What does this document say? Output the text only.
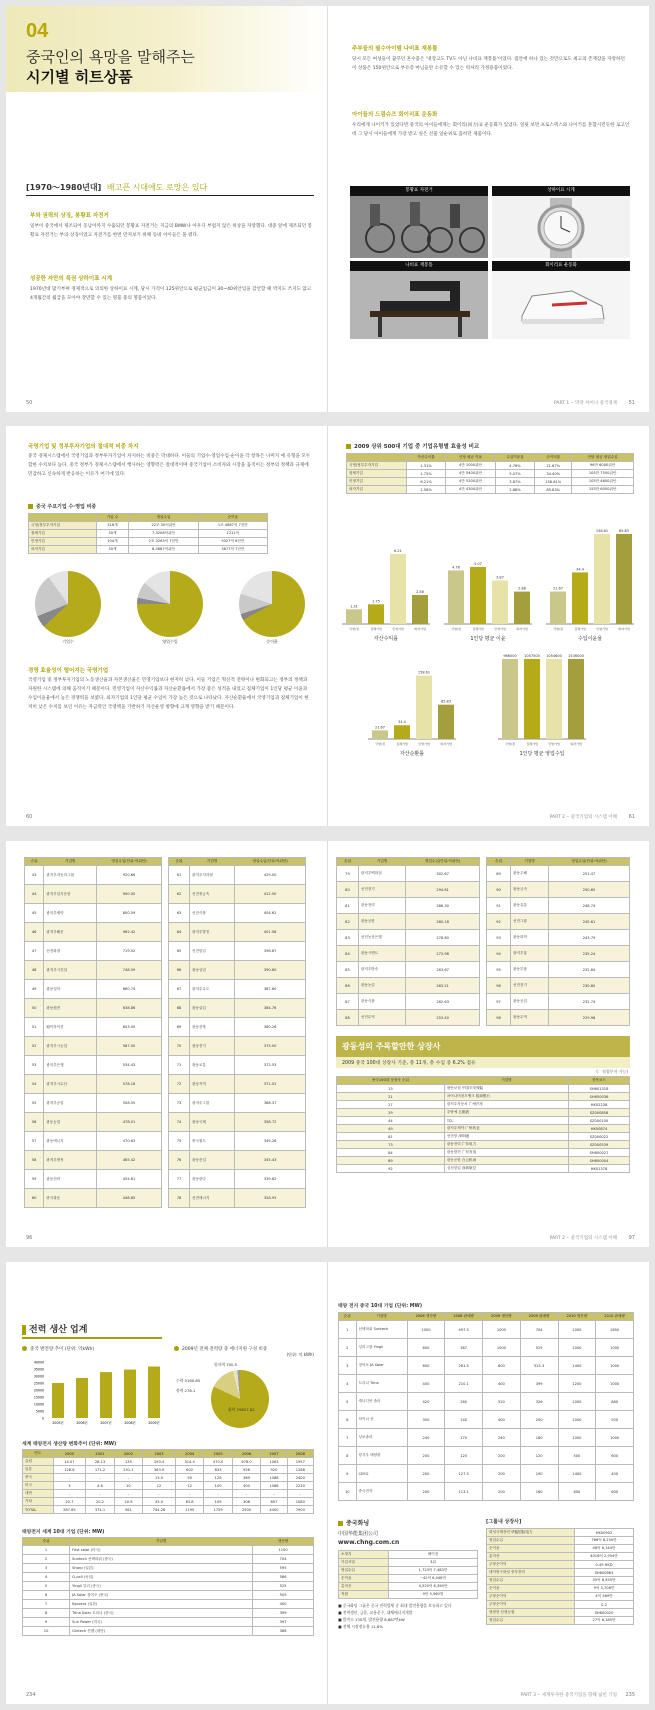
04
중국인의 욕망을 말해주는
시기별 히트상품
[1970～1980년대] 배고픈 시대에도 로망은 있다
부와 권력의 상징, 봉황표 자전거
일부이 중국에서 제조되어 동남아까지 수출되던 봉황표 자전거는 지금의 BMW나 아우디 부럽지 않은 위상을 자랑했다. 대중 앞에 제조되던 봉황표 자전거는 부의 상징이었고 자전거를 한번 만져보기 위해 동네 아이들은 몰 렸다.
성공한 자만의 특권 상하이표 시계
1970년대 많기부며 경제적으로 의의한 상하이표 시계, 당시 가격이 125위안으로 평균임금이 30~40위안임을 감안할 때 박지도 쓰지도 않고 4개월간의 월급을 모아야 장만할 수 있는 명품 중의 명품이었다.
50
주부들의 필수아이템 나비표 재봉틀
당시 모든 여성들이 꿈꾸던 혼수품은 '냉장고도 TV도 아닌 나비표 재봉틀'이었다. 집안에 하나 있는 것만으로도 최고의 존재감을 자랑하던 이 상품은 150위안으로 부유층 마님들만 소유할 수 있는 럭셔리 가정용품이었다.
아이들의 드림슈즈 회이리표 운동화
우리에게 나이키가 있었다면 중국의 아이들에게는 회이리(回力)표 운동화가 있었다. 얼핏 보면 프로스펙스와 나이키를 혼합시킨듯한 로고인데 그 당시 아이들에게 가장 받고 싶은 선물 일순위로 꼽히던 제품이다.
봉황표 자전거	상하이표 시계
나비표 재봉틀	회이리표 운동화
PART 1 ‒ 막강 차이나 중국경제 51
국영기업 및 정부투자기업의 절대적 비중 차지
중국 경제시스템에서 국영기업과 정부투자기업이 차지하는 비중은 막대하다. 이들의 기업수·영업수입·순이윤 각 항목은 나머지 예 유형을 모두 합한 수치보다 높다. 중국 정부가 경제시스템에서 행사하는 영향력은 절대적이며 중국기업이 소비자와 시장을 움직이는 정부의 정책과 규제에 민감하고 신속하게 반응하는 이유가 여기에 있다.
중국 주요기업 수·영업 비중
	기업 수	영업수입	순이윤
국영/정부투자기업	316개	22조 30억위안	1조 4887억 7천만
집체기업	30개	7,3208억위안	1211억
민영기업	104개	2조 3263억 7천만	9327억 6천만
외자기업	30개	8,5887억위안	3677억 7천만
기업수	영업수입	순이윤
경영 효율성이 떨어지는 국영기업
국영기업 및 정부투자기업의 노동생산율과 자본생산율은 민영기업보다 현저히 낮다. 이들 기업은 혁신적 전략이나 변화되고는 정부의 정책과 자원한 시스템에 의해 움직이기 때문이다. 민영기업이 자산수익률과 자산순환률에서 가장 좋은 성적을 내었고 집체기업이 1인당 평균 이윤과 수입이윤율에서 높은 경쟁력을 보였다. 외자기업의 1인당 평균 수입이 가장 높은 것으로 나타났다. 자산순환율에서 국영기업과 집체기업이 현저히 낮은 수치를 보인 이유는 자금력인 국영핵을 기반하기 자산운영 방향에 크게 영향을 받기 때문이다.
60
2009 상위 500대 기업 중 기업유형별 효율성 비교
	자산수익률	인당 평균 이윤	수입이윤율	순이익률	인당 평균 영업수입
국영/정부투자기업	1.31%	4만 1000위안	4.76%	21.67%	96만 6000위안
집체기업	1.75%	4만 5400위안	5.07%	34.40%	105만 7500위안
민영기업	6.21%	4만 5200위안	3.87%	158.61%	105만 4600위안
외자기업	2.58%	4만 4300위안	2.88%	85.83%	153만 6000위안
1.31
국영/정
1.75
집체기업
6.21
민영기업
2.58
외자기업
자산수익률
4.76
국영/정
5.07
집체기업
3.87
민영기업
2.88
외자기업
1인당 평균 이윤
21.67
국영/정
34.4
집체기업
158.61
민영기업
85.83
외자기업
수입이윤율
21.67
국영/정
34.4
집체기업
158.61
민영기업
85.83
외자기업
자산순환률
966000
국영/정
1057500
집체기업
1054600
민영기업
1536000
외자기업
1인당 평균 영업수입
PART 2 ‒ 중국기업의 시스템 이해 61
순위	기업명	영업수입(단위:억위안)
43	광저우자동차그룹	920.66
44	광저우얼지운항	900.00
45	광저우제약	800.59
46	광저우해운	962.42
47	선전화창	719.52
48	광저우시건설	748.59
49	광둥얼학	660.74
50	광둥원전	638.86
51	웨이하이진	603.00
52	광저우시농업	587.00
53	광저우은행	534.43
54	광저우시수산	578.18
55	광저우공업	508.55
56	광둥농업	478.01
57	광둥에너지	470.63
58	광저우방직	465.42
59	광둥전력	454.61
60	중국화운	448.85
순위	기업명	영업수입(단위:억위안)
61	광저우지하철	429.00
62	선전귀금속	412.50
63	선전식품	404.62
64	광저우발전	401.58
65	선전항업	398.67
66	광둥상업	390.60
67	광저우수도	387.60
68	광둥실업	384.76
69	광둥건축	380.26
70	광둥전기	375.00
71	광둥교통	372.53
72	광둥지역	371.52
73	광저우그룹	368.37
74	광둥국제	358.72
75	중국철도	349.28
76	광둥건설	345.43
77	광둥광다	339.62
78	선전에너지	328.55
96
순위	기업명	영업수입(단위:억위안)
79	광저우백화점	302.67
80	선전전기	294.81
81	광둥전력	286.30
82	광둥공항	280.18
83	선전농상은행	278.80
84	광둥시멘트	273.98
85	광저우방송	263.67
86	광둥농업	263.21
87	광둥식품	262.63
88	선전무역	253.40
순위	기업명	영업수입(단위:억위안)
89	광둥주해	251.47
90	광둥금속	250.65
91	광둥유통	248.74
92	선전그룹	245.61
93	광둥화학	243.79
94	광저우홍	235.24
95	광둥부품	232.84
96	선전전기	230.60
97	광둥공업	232.74
98	광둥무역	229.98
광동성의 주목할만한 상장사
2009 중국 100대 상장사 기준, 총 11개, 총 수입 중 6.2% 점유
(：직접투자 가능)
중국100대 상장사 순위	기업명	종목코드
13	평안보험 中国平安保险	SH601318
21	차이나머천츠뱅크 招商银行	SH600036
27	광저우자동차 广州汽车	HK02238
29	우량예 五粮液	SZ000858
44	TCL	SZ000100
49	광저우제약 广州药业	HK00874
61	선전항 深圳港	SZ000022
73	광둥전력 广东电力	SZ000539
84	광둥발전 广东发电	SH600027
89	광동공항 白云机场	SH600004
92	심천항업 深圳航空	HK01378
PART 2 ‒ 중국기업의 시스템 이해 97
전력 생산 업계
중국 발전량 추이 (단위: 억kWh)
0
5000
10000
15000
20000
25000
30000
35000
40000
2005년	2006년	2007년	2008년	2009년
2009년 전체 전력량 중 에너지원 구성 비중
(단위: 억 kWh)
화력 29827.82
수력 5160.85
원자력 700.5
풍력 276.1
세계 태양전지 생산량 변화추이 (단위: MW)
연도	2000	2001	2002	2003	2004	2005	2006	2007	2008
유럽	14.07	28.13	135	193.4	314.4	470.0	678.0	1063	1957
일본	128.6	171.2	251.1	363.9	602	833	926	920	1268
중국	-	-	-	13.5	50	128	369	1088	2400
미국	3	4.6	10	12	12	100	400	1086	2230
대만	-	-	-	-	-	-	-	-	-
기타	20.7	20.2	20.9	43.0	63.8	109	308	607	1080
TOTAL	287.65	374.1	561	744.26	1195	1759	2500	4400	7900
태양전지 세계 10대 기업 (단위: MW)
순위	기업명	생산량
1	First solar (미국)	1100
2	Suntech 선텍파워 (중국)	704
3	Sharp (일본)	595
4	Q-cell (독일)	586
5	Yingli 잉리 (중국)	525
6	JA Solar 징아오 (중국)	509
7	Kyocera (일본)	400
8	Trina Solar 트리나 (중국)	399
9	Sun Power (미국)	397
10	Gintech 진톈 (대만)	368
234
태양 전지 중국 10대 기업 (단위: MW)
순위	기업명	2008 생산량	2008 판매량	2009 생산량	2009 판매량	2010 생산량	2010 판매량
1	선텍파워 Suntech	1000	497.5	1000	704	1000	1650
2	잉리그룹 Yingli	600	367	1000	525	1000	1000
3	징아오 JA Solar	600	281.5	600	525.3	1400	1000
4	트리나 Trina	400	210.1	400	399	1200	1000
5	캐나디안 솔라	420	260	520	326	1000	880
6	차이나 선	350	140	400	200	1000	500
7	닝보솔라	240	170	240	180	1000	1000
8	항저우 태양광	200	120	200	120	500	600
9	CEEG	200	127.5	200	190	1400	400
10	중국전자	200	113.1	200	160	600	600
중국화넝
中国华能集团公司
www.chng.com.cn
소재지	베이징
기업서열	3위
영업수입	1,723억 7,483만
순이윤	~42억 6,046만
총자산	4,520억 8,390만
직원	9만 5,560명
■ 중국화넝 그룹은 중국 전력업체 중 최대 발전용량을 보유하고 있다
■ 전력생산, 금융, 교통운수, 대체에너지개발
■ 발전소 130개, 발전용량 8,887만kW
■ 전체 시장점유율 11.8%
[그룹내 상장사]
화넝국제전력 华能国际电力	HK00902
영업수입	766억 6,250만
순이윤	48억 6,144만
총자산	4016억 2,954만
주당순이익	0.49 HKD
네이멍구화넝 중부전력	SH600863
영업수입	35억 8,555만
순이윤	9억 5,708만
주당순이익	4억 369만
주당순이익	0.2
창장항 신형능원	SH600020
영업수입	27억 6,185만
PART 3 ‒ 세계투자한 중국기업을 향해 넓힌 기업 235
